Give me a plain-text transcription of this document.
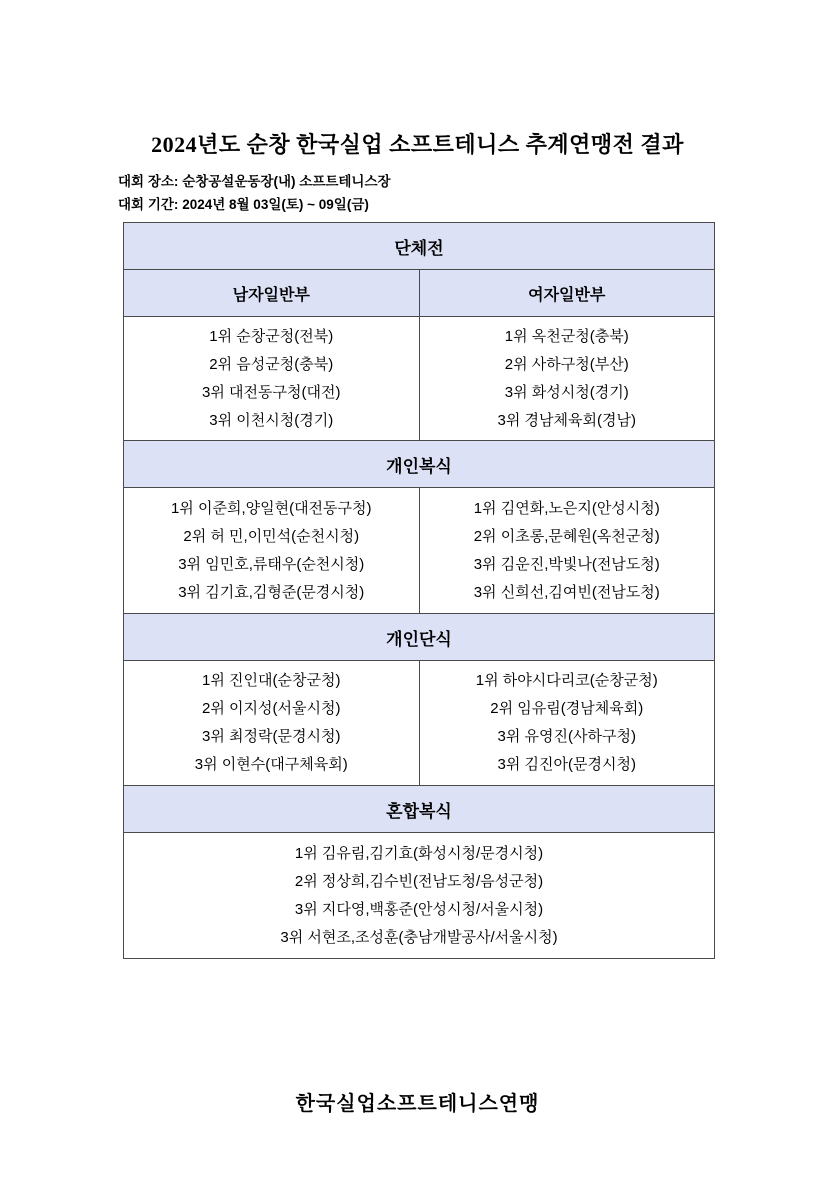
2024년도 순창 한국실업 소프트테니스 추계연맹전 결과
대회 장소: 순창공설운동장(내) 소프트테니스장
대회 기간: 2024년 8월 03일(토) ~ 09일(금)
단체전
남자일반부	여자일반부
1위 순창군청(전북)
2위 음성군청(충북)
3위 대전동구청(대전)
3위 이천시청(경기)
1위 옥천군청(충북)
2위 사하구청(부산)
3위 화성시청(경기)
3위 경남체육회(경남)
개인복식
1위 이준희,양일현(대전동구청)
2위 허 민,이민석(순천시청)
3위 임민호,류태우(순천시청)
3위 김기효,김형준(문경시청)
1위 김연화,노은지(안성시청)
2위 이초롱,문혜원(옥천군청)
3위 김운진,박빛나(전남도청)
3위 신희선,김여빈(전남도청)
개인단식
1위 진인대(순창군청)
2위 이지성(서울시청)
3위 최정락(문경시청)
3위 이현수(대구체육회)
1위 하야시다리코(순창군청)
2위 임유림(경남체육회)
3위 유영진(사하구청)
3위 김진아(문경시청)
혼합복식
1위 김유림,김기효(화성시청/문경시청)
2위 정상희,김수빈(전남도청/음성군청)
3위 지다영,백홍준(안성시청/서울시청)
3위 서현조,조성훈(충남개발공사/서울시청)
한국실업소프트테니스연맹
